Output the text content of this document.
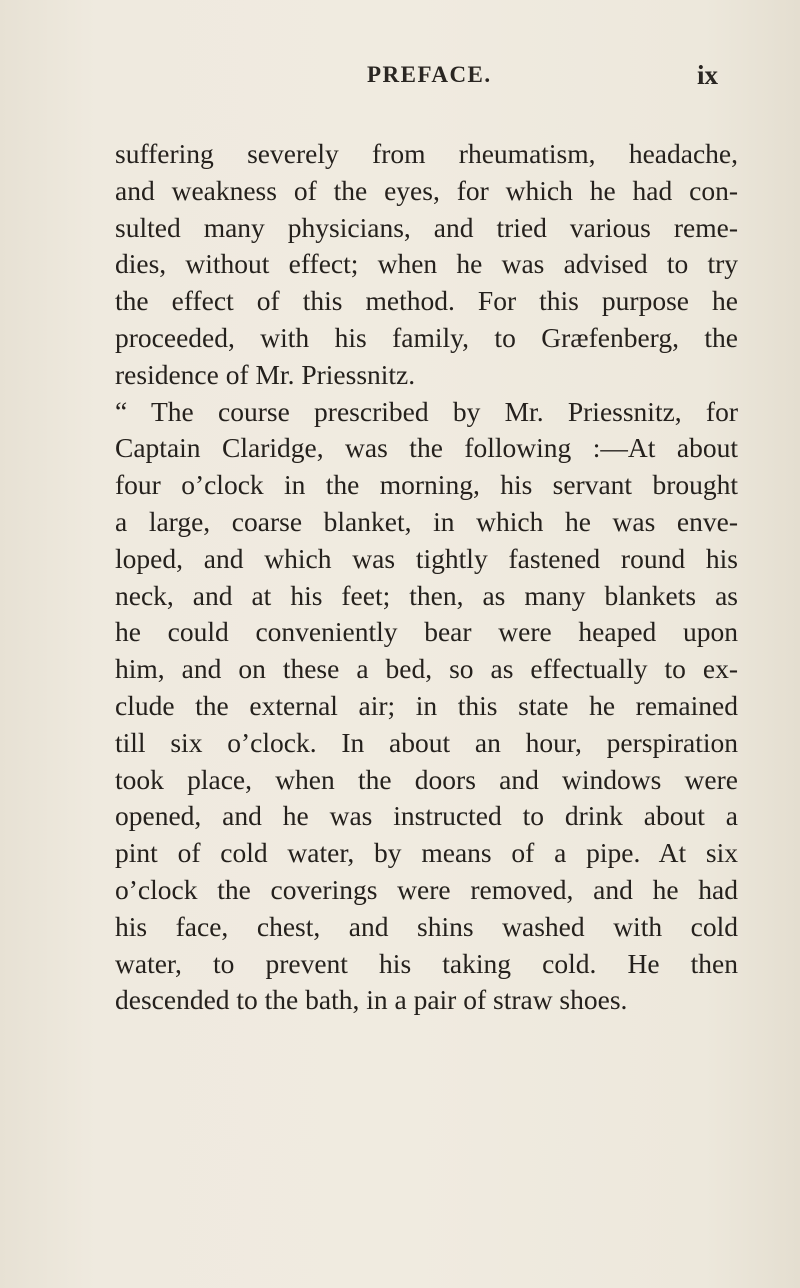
PREFACE.	ix
suffering severely from rheumatism, headache,
and weakness of the eyes, for which he had con-
sulted many physicians, and tried various reme-
dies, without effect; when he was advised to try
the effect of this method. For this purpose he
proceeded, with his family, to Græfenberg, the
residence of Mr. Priessnitz.
“ The course prescribed by Mr. Priessnitz, for
Captain Claridge, was the following :—At about
four o’clock in the morning, his servant brought
a large, coarse blanket, in which he was enve-
loped, and which was tightly fastened round his
neck, and at his feet; then, as many blankets as
he could conveniently bear were heaped upon
him, and on these a bed, so as effectually to ex-
clude the external air; in this state he remained
till six o’clock. In about an hour, perspiration
took place, when the doors and windows were
opened, and he was instructed to drink about a
pint of cold water, by means of a pipe. At six
o’clock the coverings were removed, and he had
his face, chest, and shins washed with cold
water, to prevent his taking cold. He then
descended to the bath, in a pair of straw shoes.
